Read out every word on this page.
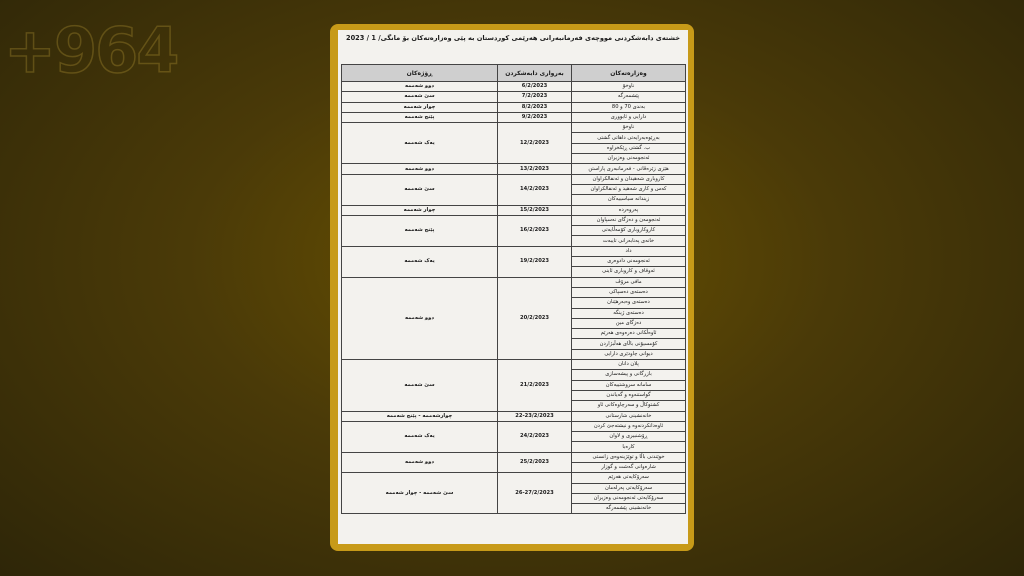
+964	خشتەی دابەشکردنی مووچەی فەرمانبەرانی هەرێمی کوردستان بە پێی وەزارەتەکان بۆ مانگی/ 1 / 2023
وەزارەتەکان	بەرواری دابەشکردن	ڕۆژەکان
ناوخۆ	6/2/2023	دوو شەممە
پێشمەرگە	7/2/2023	سێ شەممە
بەندی 70 و 80	8/2/2023	چوار شەممە
دارایی و ئابووری	9/2/2023	پێنج شەممە
ناوخۆ	12/2/2023	یەک شەممە
بەڕێوەبەرایەتی داهاتی گشتی		
ب. گشتی ڕێکخراوە		
ئەنجومەنی وەزیران		
هێزی زێرەڤانی - فەرمانبەری پاراستن	13/2/2023	دوو شەممە
کاروباری شەهیدان و ئەنفالکراوان	14/2/2023	سێ شەممە
کەس و کاری شەهید و ئەنفالکراوان		
زیندانە سیاسییەکان		
پەروەردە	15/2/2023	چوار شەممە
ئەنجومەن و دەزگای نەسپاوان	16/2/2023	پێنج شەممە
کاروکاروباری کۆمەڵایەتی		
خانەی پەنابەرانی تایبەت		
داد	19/2/2023	یەک شەممە
ئەنجومەنی دادوەری		
ئەوقاف و کاروباری ئاینی		
مافی مرۆڤ	20/2/2023	دوو شەممە
دەستەی دەسپاکی		
دەستەی وەبەرهێنان		
دەستەی ژینگە		
دەزگای مین		
ئاوەڵکانی دەرەوەی هەرێم		
کۆمسیۆنی باڵای هەڵبژاردن		
دیوانی چاودێری دارایی		
پلان دانان	21/2/2023	سێ شەممە
بازرگانی و پیشەسازی		
سامانە سروشتییەکان		
گواستنەوە و گەیاندن		
کشتوکاڵ و سەرچاوەکانی ئاو		
خانەنشینی شارستانی	22-23/2/2023	چوارشەممە - پێنج شەممە
ئاوەدانکردنەوە و نیشتەجێ کردن	24/2/2023	یەک شەممە
ڕۆشنبیری و لاوان		
کارەبا		
خوێندنی باڵا و توێژینەوەی زانستی	25/2/2023	دوو شەممە
شارەوانی گەشت و گوزار		
سەرۆکایەتی هەرێم	26-27/2/2023	سێ شەممە - چوار شەممە
سەرۆکایەتی پەرلەمان		
سەرۆکایەتی ئەنجومەنی وەزیران		
خانەنشینی پێشمەرگە		
